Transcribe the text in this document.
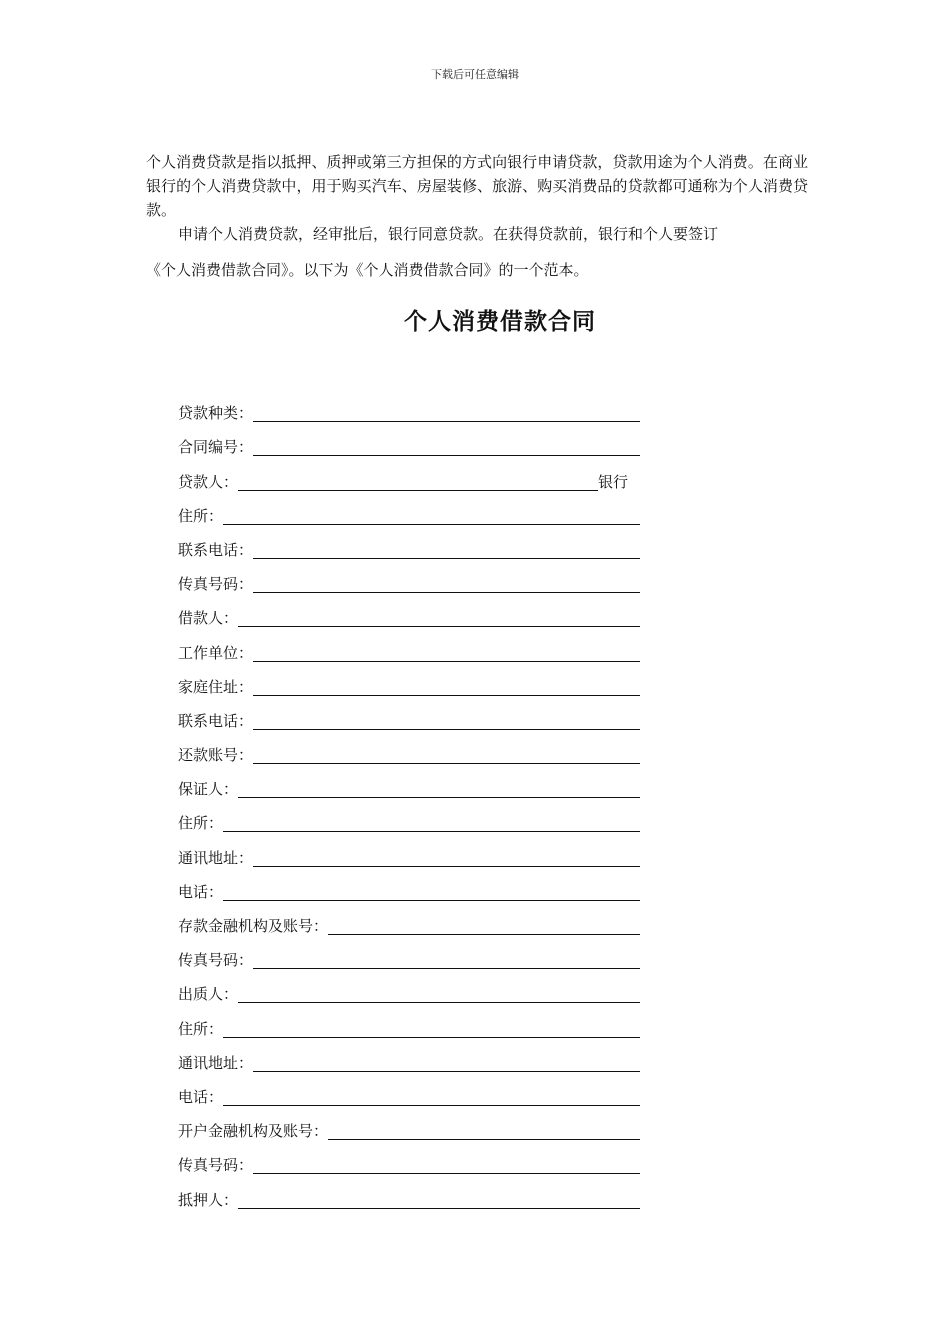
下载后可任意编辑

个人消费贷款是指以抵押、质押或第三方担保的方式向银行申请贷款，贷款用途为个人消费。在商业银行的个人消费贷款中，用于购买汽车、房屋装修、旅游、购买消费品的贷款都可通称为个人消费贷款。

申请个人消费贷款，经审批后，银行同意贷款。在获得贷款前，银行和个人要签订

《个人消费借款合同》。以下为《个人消费借款合同》的一个范本。

个人消费借款合同
贷款种类：
合同编号：
贷款人：	银行
住所：
联系电话：
传真号码：
借款人：
工作单位：
家庭住址：
联系电话：
还款账号：
保证人：
住所：
通讯地址：
电话：
存款金融机构及账号：
传真号码：
出质人：
住所：
通讯地址：
电话：
开户金融机构及账号：
传真号码：
抵押人：
